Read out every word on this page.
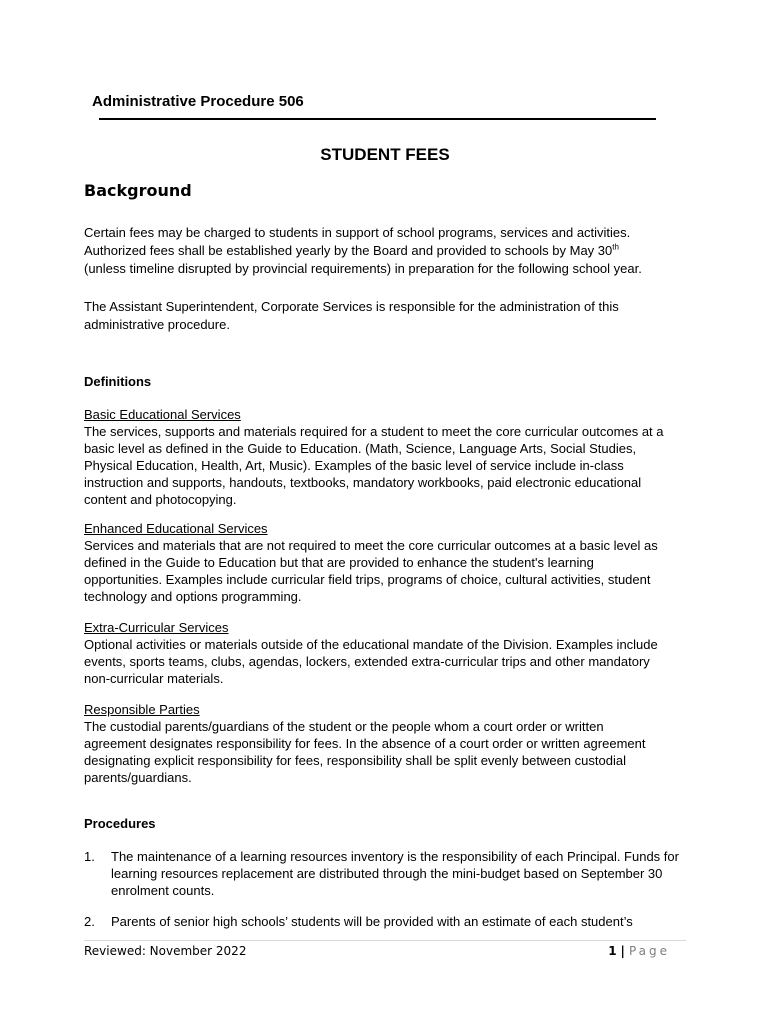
Administrative Procedure 506
STUDENT FEES
Background
Certain fees may be charged to students in support of school programs, services and activities.
Authorized fees shall be established yearly by the Board and provided to schools by May 30th
(unless timeline disrupted by provincial requirements) in preparation for the following school year.
The Assistant Superintendent, Corporate Services is responsible for the administration of this administrative procedure.
Definitions
Basic Educational Services
The services, supports and materials required for a student to meet the core curricular outcomes at a basic level as defined in the Guide to Education. (Math, Science, Language Arts, Social Studies, Physical Education, Health, Art, Music). Examples of the basic level of service include in-class instruction and supports, handouts, textbooks, mandatory workbooks, paid electronic educational content and photocopying.
Enhanced Educational Services
Services and materials that are not required to meet the core curricular outcomes at a basic level as defined in the Guide to Education but that are provided to enhance the student's learning opportunities. Examples include curricular field trips, programs of choice, cultural activities, student technology and options programming.
Extra-Curricular Services
Optional activities or materials outside of the educational mandate of the Division. Examples include events, sports teams, clubs, agendas, lockers, extended extra-curricular trips and other mandatory non-curricular materials.
Responsible Parties
The custodial parents/guardians of the student or the people whom a court order or written agreement designates responsibility for fees. In the absence of a court order or written agreement designating explicit responsibility for fees, responsibility shall be split evenly between custodial parents/guardians.
Procedures
1. The maintenance of a learning resources inventory is the responsibility of each Principal. Funds for learning resources replacement are distributed through the mini-budget based on September 30 enrolment counts.
2. Parents of senior high schools’ students will be provided with an estimate of each student’s
Reviewed: November 2022	1 | Page
